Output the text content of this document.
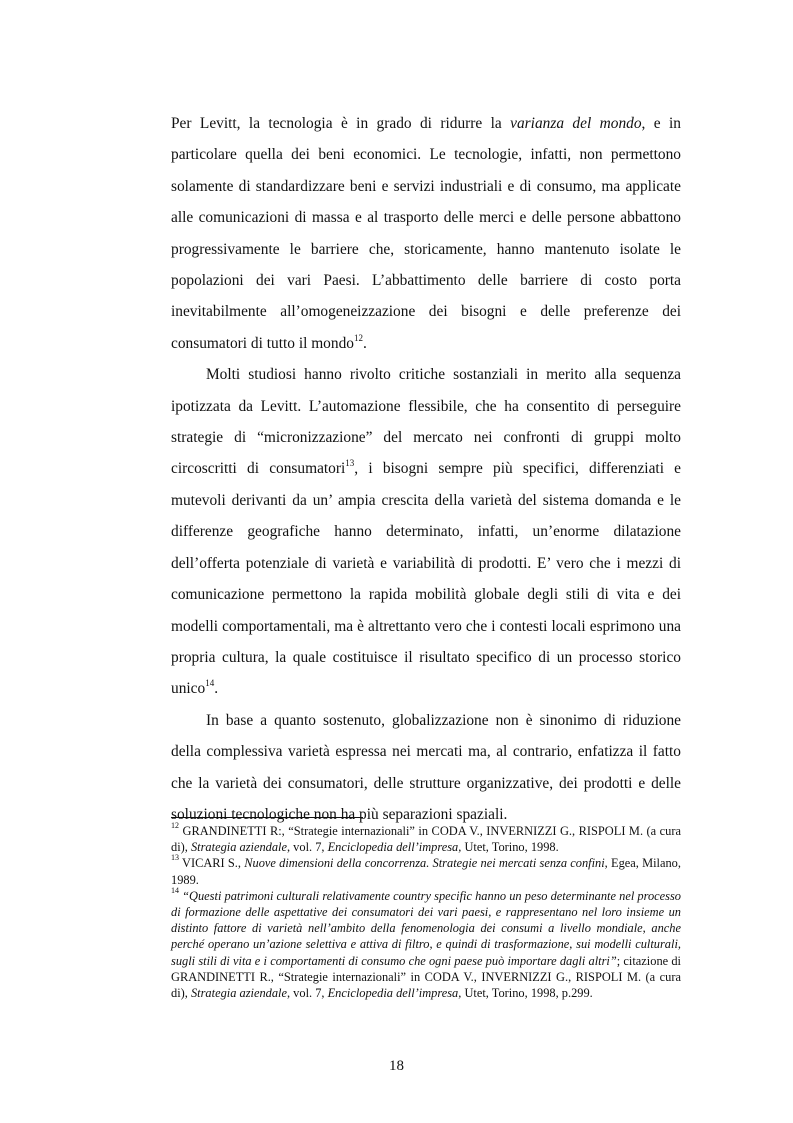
Per Levitt, la tecnologia è in grado di ridurre la varianza del mondo, e in particolare quella dei beni economici. Le tecnologie, infatti, non permettono solamente di standardizzare beni e servizi industriali e di consumo, ma applicate alle comunicazioni di massa e al trasporto delle merci e delle persone abbattono progressivamente le barriere che, storicamente, hanno mantenuto isolate le popolazioni dei vari Paesi. L’abbattimento delle barriere di costo porta inevitabilmente all’omogeneizzazione dei bisogni e delle preferenze dei consumatori di tutto il mondo$^{12}$.

Molti studiosi hanno rivolto critiche sostanziali in merito alla sequenza ipotizzata da Levitt. L’automazione flessibile, che ha consentito di perseguire strategie di “micronizzazione” del mercato nei confronti di gruppi molto circoscritti di consumatori$^{13}$, i bisogni sempre più specifici, differenziati e mutevoli derivanti da un’ ampia crescita della varietà del sistema domanda e le differenze geografiche hanno determinato, infatti, un’enorme dilatazione dell’offerta potenziale di varietà e variabilità di prodotti. E’ vero che i mezzi di comunicazione permettono la rapida mobilità globale degli stili di vita e dei modelli comportamentali, ma è altrettanto vero che i contesti locali esprimono una propria cultura, la quale costituisce il risultato specifico di un processo storico unico$^{14}$.

In base a quanto sostenuto, globalizzazione non è sinonimo di riduzione della complessiva varietà espressa nei mercati ma, al contrario, enfatizza il fatto che la varietà dei consumatori, delle strutture organizzative, dei prodotti e delle soluzioni tecnologiche non ha più separazioni spaziali.

$^{12}$ GRANDINETTI R:, “Strategie internazionali” in CODA V., INVERNIZZI G., RISPOLI M. (a cura di), Strategia aziendale, vol. 7, Enciclopedia dell’impresa, Utet, Torino, 1998.

$^{13}$ VICARI S., Nuove dimensioni della concorrenza. Strategie nei mercati senza confini, Egea, Milano, 1989.

$^{14}$ “Questi patrimoni culturali relativamente country specific hanno un peso determinante nel processo di formazione delle aspettative dei consumatori dei vari paesi, e rappresentano nel loro insieme un distinto fattore di varietà nell’ambito della fenomenologia dei consumi a livello mondiale, anche perché operano un’azione selettiva e attiva di filtro, e quindi di trasformazione, sui modelli culturali, sugli stili di vita e i comportamenti di consumo che ogni paese può importare dagli altri”; citazione di GRANDINETTI R., “Strategie internazionali” in CODA V., INVERNIZZI G., RISPOLI M. (a cura di), Strategia aziendale, vol. 7, Enciclopedia dell’impresa, Utet, Torino, 1998, p.299.

18
